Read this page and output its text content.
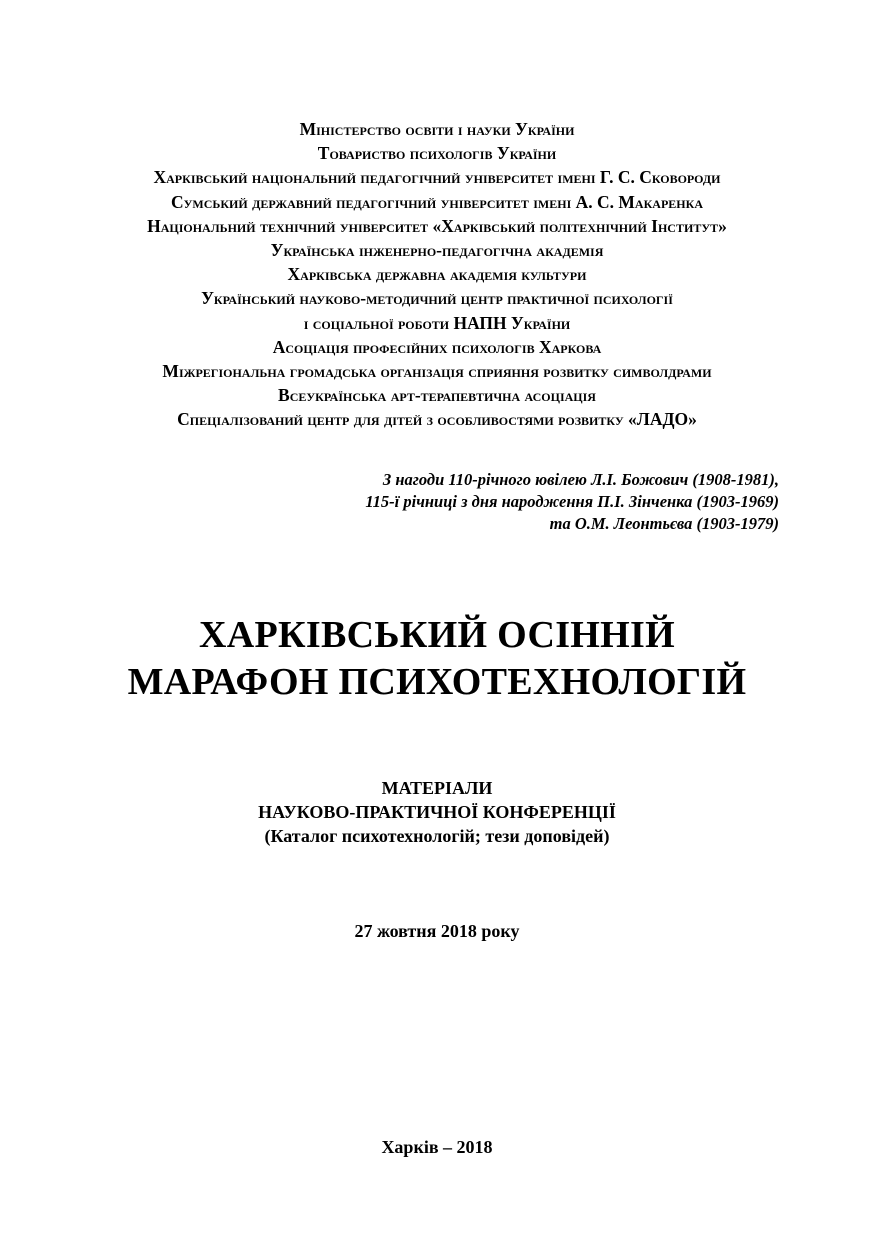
Міністерство освіти і науки України
Товариство психологів України
Харківський національний педагогічний університет імені Г. С. Сковороди
Сумський державний педагогічний університет імені А. С. Макаренка
Національний технічний університет «Харківський політехнічний Інститут»
Українська інженерно-педагогічна академія
Харківська державна академія культури
Український науково-методичний центр практичної психології
і соціальної роботи НАПН України
Асоціація професійних психологів Харкова
Міжрегіональна громадська організація сприяння розвитку символдрами
Всеукраїнська арт-терапевтична асоціація
Спеціалізований центр для дітей з особливостями розвитку «ЛАДО»
З нагоди 110-річного ювілею Л.І. Божович (1908-1981),
115-ї річниці з дня народження П.І. Зінченка (1903-1969)
та О.М. Леонтьєва (1903-1979)
ХАРКІВСЬКИЙ ОСІННІЙ
МАРАФОН ПСИХОТЕХНОЛОГІЙ
МАТЕРІАЛИ
НАУКОВО-ПРАКТИЧНОЇ КОНФЕРЕНЦІЇ
(Каталог психотехнологій; тези доповідей)
27 жовтня 2018 року
Харків – 2018
